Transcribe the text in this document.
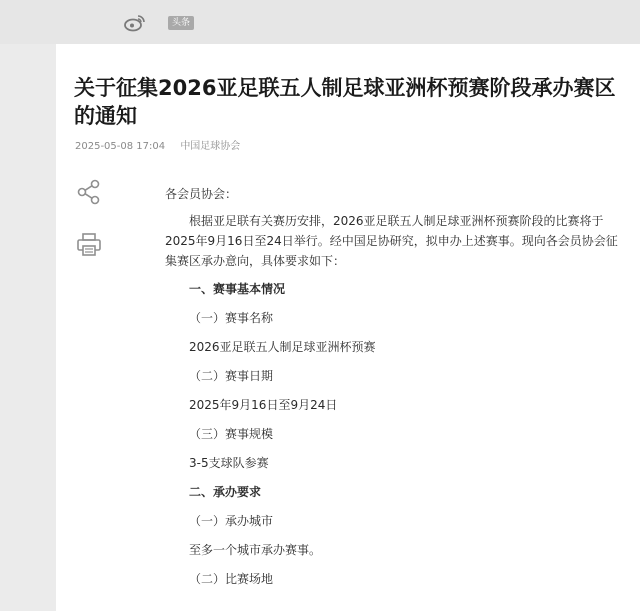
头条
关于征集2026亚足联五人制足球亚洲杯预赛阶段承办赛区的通知
2025-05-08 17:04 中国足球协会

各会员协会：

根据亚足联有关赛历安排，2026亚足联五人制足球亚洲杯预赛阶段的比赛将于2025年9月16日至24日举行。经中国足协研究，拟申办上述赛事。现向各会员协会征集赛区承办意向，具体要求如下：

一、赛事基本情况

（一）赛事名称

2026亚足联五人制足球亚洲杯预赛

（二）赛事日期

2025年9月16日至9月24日

（三）赛事规模

3-5支球队参赛

二、承办要求

（一）承办城市

至多一个城市承办赛事。

（二）比赛场地
